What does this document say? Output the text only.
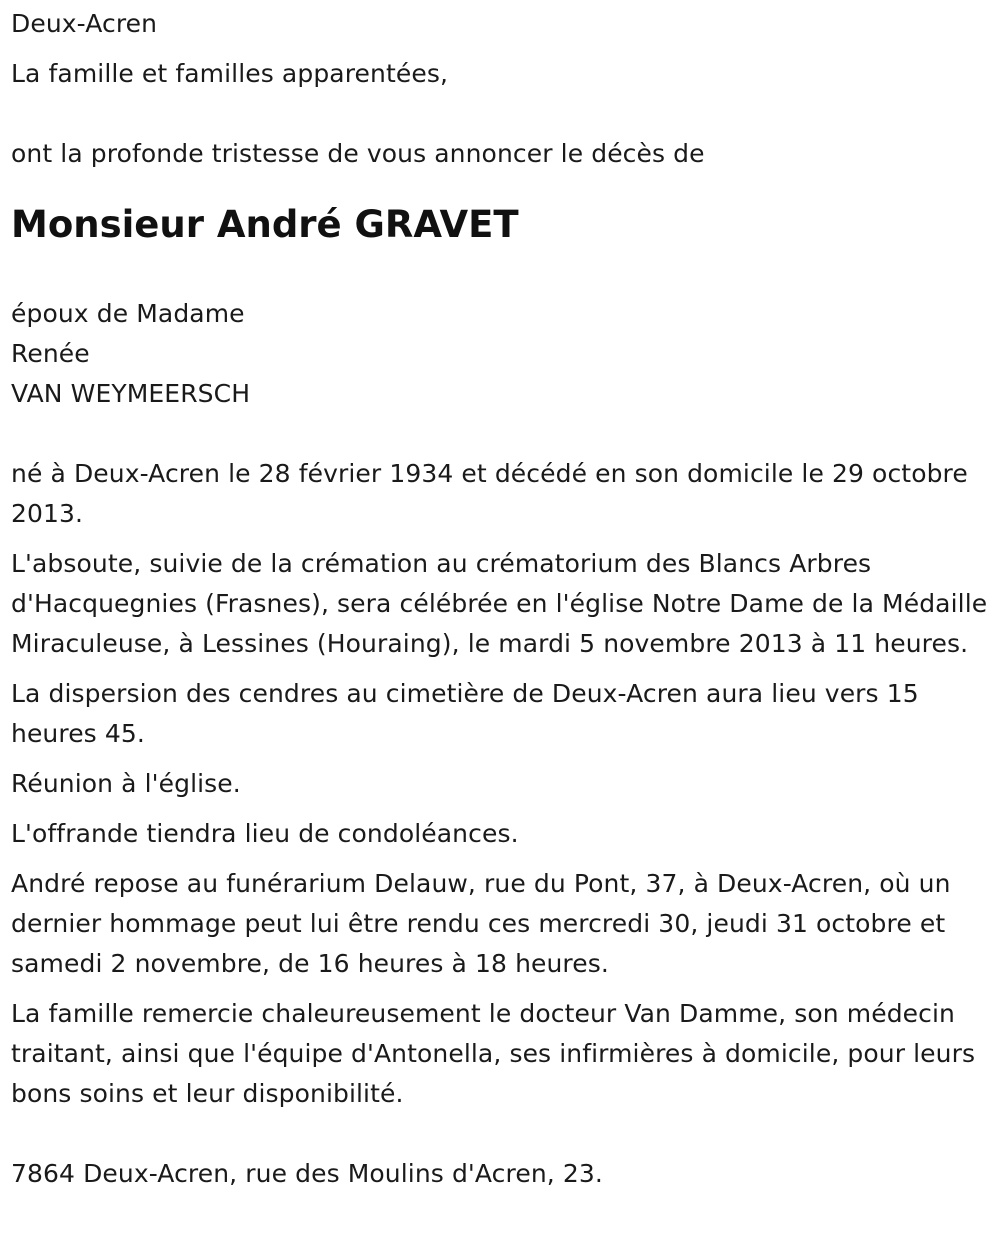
Deux-Acren

La famille et familles apparentées,

ont la profonde tristesse de vous annoncer le décès de

Monsieur André GRAVET

époux de Madame

Renée

VAN WEYMEERSCH

né à Deux-Acren le 28 février 1934 et décédé en son domicile le 29 octobre 2013.

L'absoute, suivie de la crémation au crématorium des Blancs Arbres d'Hacquegnies (Frasnes), sera célébrée en l'église Notre Dame de la Médaille Miraculeuse, à Lessines (Houraing), le mardi 5 novembre 2013 à 11 heures.

La dispersion des cendres au cimetière de Deux-Acren aura lieu vers 15 heures 45.

Réunion à l'église.

L'offrande tiendra lieu de condoléances.

André repose au funérarium Delauw, rue du Pont, 37, à Deux-Acren, où un dernier hommage peut lui être rendu ces mercredi 30, jeudi 31 octobre et samedi 2 novembre, de 16 heures à 18 heures.

La famille remercie chaleureusement le docteur Van Damme, son médecin traitant, ainsi que l'équipe d'Antonella, ses infirmières à domicile, pour leurs bons soins et leur disponibilité.

7864 Deux-Acren, rue des Moulins d'Acren, 23.
